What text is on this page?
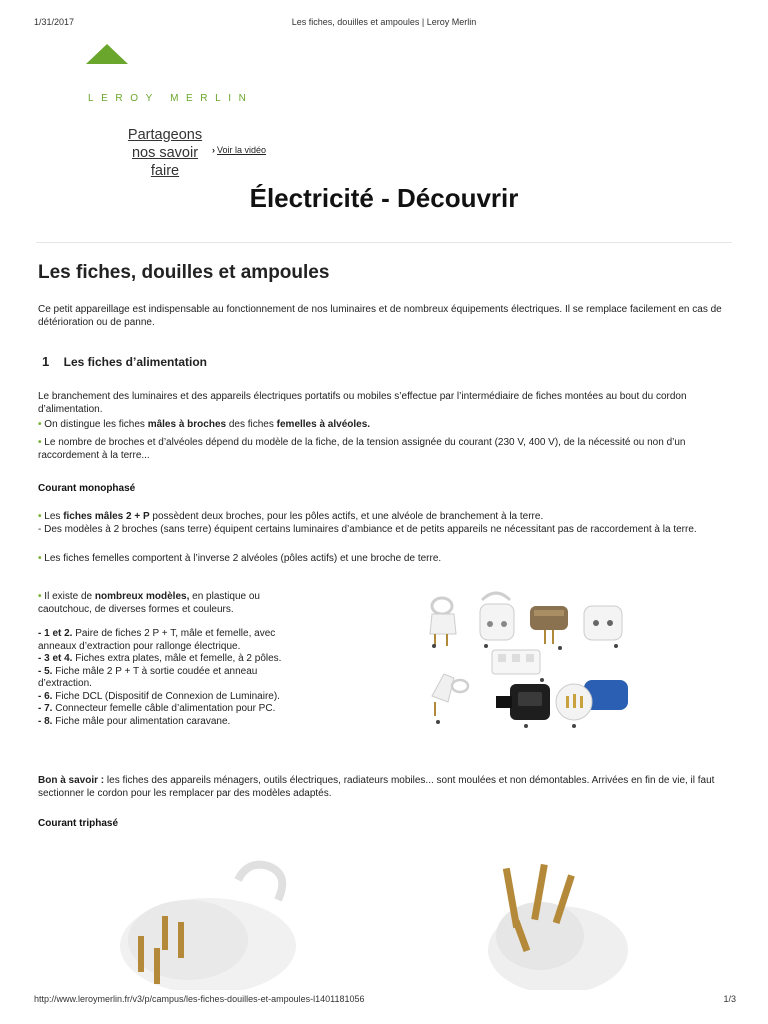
1/31/2017	Les fiches, douilles et ampoules | Leroy Merlin
LEROY MERLIN
Partageons nos savoir faire
› Voir la vidéo
Électricité - Découvrir
Les fiches, douilles et ampoules

Ce petit appareillage est indispensable au fonctionnement de nos luminaires et de nombreux équipements électriques. Il se remplace facilement en cas de détérioration ou de panne.

1 Les fiches d’alimentation

Le branchement des luminaires et des appareils électriques portatifs ou mobiles s’effectue par l’intermédiaire de fiches montées au bout du cordon d’alimentation.

• On distingue les fiches mâles à broches des fiches femelles à alvéoles.

• Le nombre de broches et d’alvéoles dépend du modèle de la fiche, de la tension assignée du courant (230 V, 400 V), de la nécessité ou non d’un raccordement à la terre...

Courant monophasé

• Les fiches mâles 2 + P possèdent deux broches, pour les pôles actifs, et une alvéole de branchement à la terre.

- Des modèles à 2 broches (sans terre) équipent certains luminaires d’ambiance et de petits appareils ne nécessitant pas de raccordement à la terre.

• Les fiches femelles comportent à l’inverse 2 alvéoles (pôles actifs) et une broche de terre.

• Il existe de nombreux modèles, en plastique ou caoutchouc, de diverses formes et couleurs.
- 1 et 2. Paire de fiches 2 P + T, mâle et femelle, avec anneaux d’extraction pour rallonge électrique.
- 3 et 4. Fiches extra plates, mâle et femelle, à 2 pôles.
- 5. Fiche mâle 2 P + T à sortie coudée et anneau d’extraction.
- 6. Fiche DCL (Dispositif de Connexion de Luminaire).
- 7. Connecteur femelle câble d’alimentation pour PC.
- 8. Fiche mâle pour alimentation caravane.

Bon à savoir : les fiches des appareils ménagers, outils électriques, radiateurs mobiles... sont moulées et non démontables. Arrivées en fin de vie, il faut sectionner le cordon pour les remplacer par des modèles adaptés.

Courant triphasé
http://www.leroymerlin.fr/v3/p/campus/les-fiches-douilles-et-ampoules-l1401181056	1/3
